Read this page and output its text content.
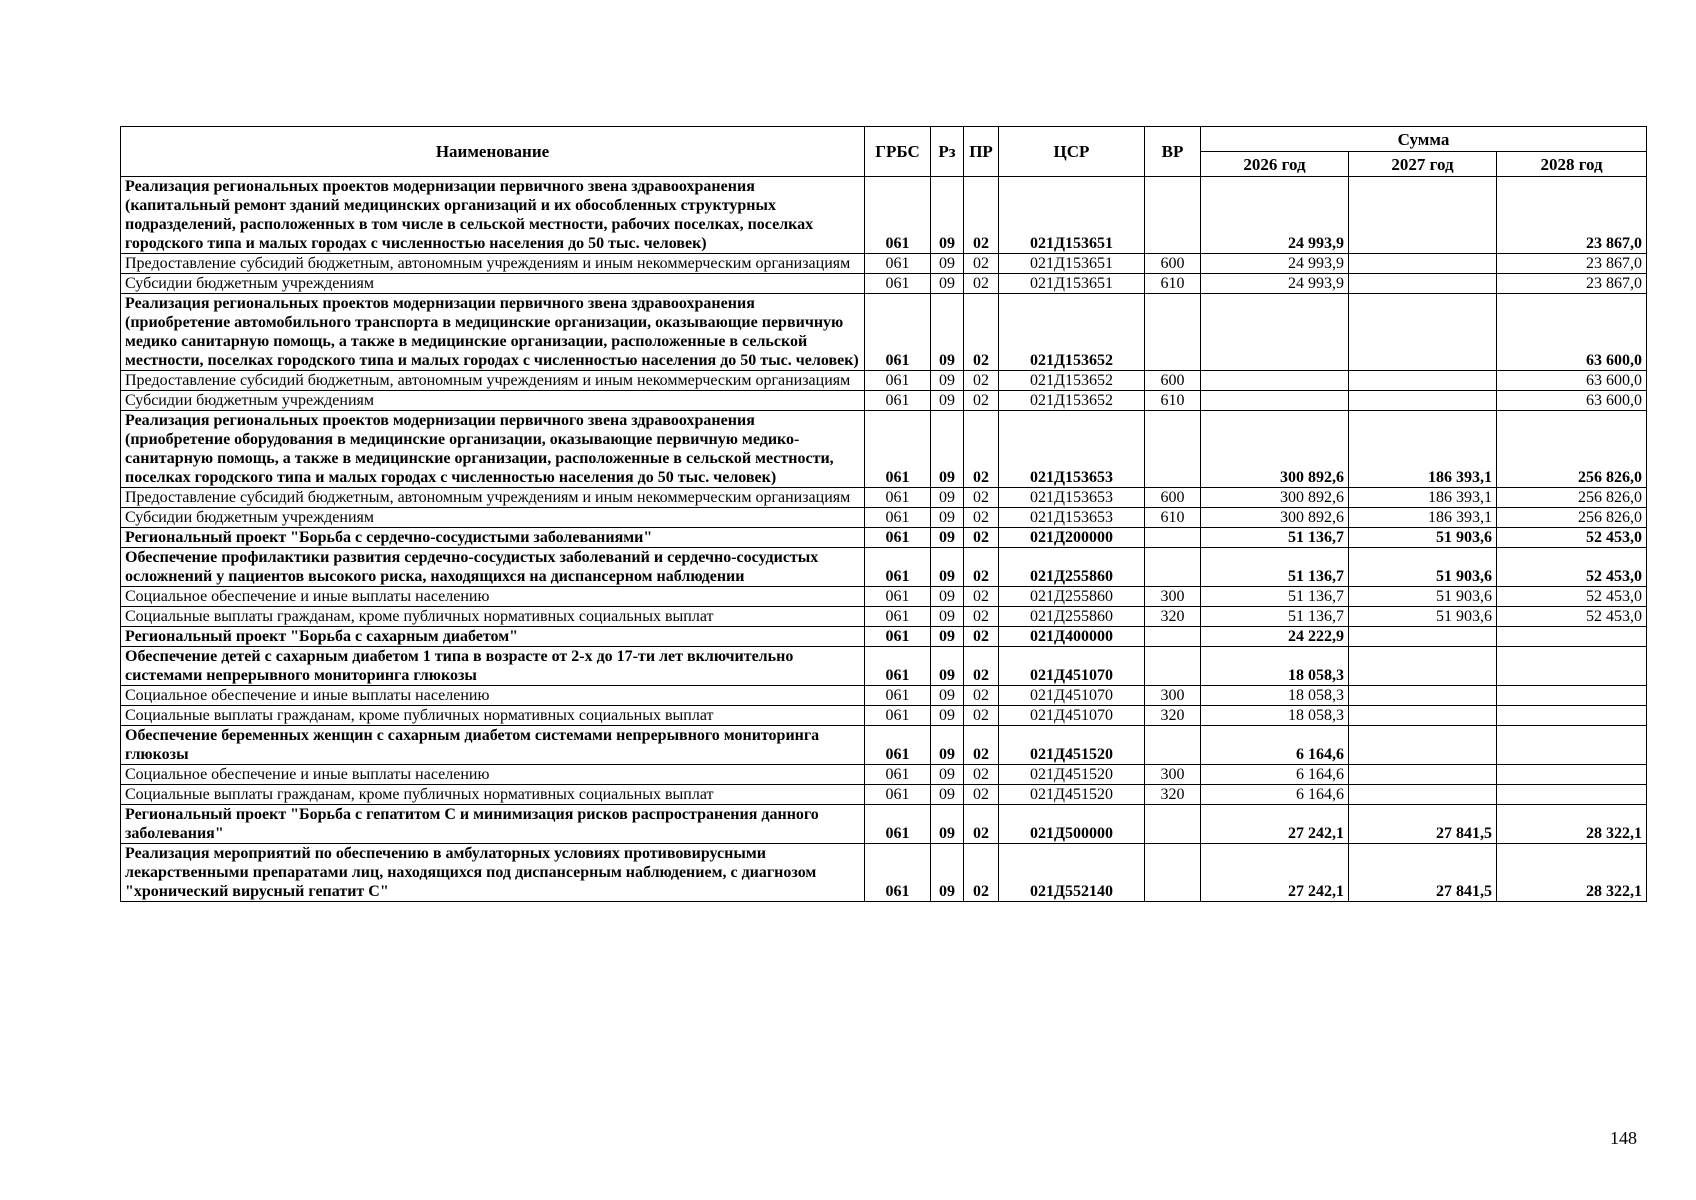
Наименование	ГРБС	Рз	ПР	ЦСР	ВР	Сумма		
						2026 год	2027 год	2028 год
Реализация региональных проектов модернизации первичного звена здравоохранения (капитальный ремонт зданий медицинских организаций и их обособленных структурных подразделений, расположенных в том числе в сельской местности, рабочих поселках, поселках городского типа и малых городах с численностью населения до 50 тыс. человек)	061	09	02	021Д153651		24 993,9		23 867,0
Предоставление субсидий бюджетным, автономным учреждениям и иным некоммерческим организациям	061	09	02	021Д153651	600	24 993,9		23 867,0
Субсидии бюджетным учреждениям	061	09	02	021Д153651	610	24 993,9		23 867,0
Реализация региональных проектов модернизации первичного звена здравоохранения (приобретение автомобильного транспорта в медицинские организации, оказывающие первичную медико санитарную помощь, а также в медицинские организации, расположенные в сельской местности, поселках городского типа и малых городах с численностью населения до 50 тыс. человек)	061	09	02	021Д153652				63 600,0
Предоставление субсидий бюджетным, автономным учреждениям и иным некоммерческим организациям	061	09	02	021Д153652	600			63 600,0
Субсидии бюджетным учреждениям	061	09	02	021Д153652	610			63 600,0
Реализация региональных проектов модернизации первичного звена здравоохранения (приобретение оборудования в медицинские организации, оказывающие первичную медико-санитарную помощь, а также в медицинские организации, расположенные в сельской местности, поселках городского типа и малых городах с численностью населения до 50 тыс. человек)	061	09	02	021Д153653		300 892,6	186 393,1	256 826,0
Предоставление субсидий бюджетным, автономным учреждениям и иным некоммерческим организациям	061	09	02	021Д153653	600	300 892,6	186 393,1	256 826,0
Субсидии бюджетным учреждениям	061	09	02	021Д153653	610	300 892,6	186 393,1	256 826,0
Региональный проект "Борьба с сердечно-сосудистыми заболеваниями"	061	09	02	021Д200000		51 136,7	51 903,6	52 453,0
Обеспечение профилактики развития сердечно-сосудистых заболеваний и сердечно-сосудистых осложнений у пациентов высокого риска, находящихся на диспансерном наблюдении	061	09	02	021Д255860		51 136,7	51 903,6	52 453,0
Социальное обеспечение и иные выплаты населению	061	09	02	021Д255860	300	51 136,7	51 903,6	52 453,0
Социальные выплаты гражданам, кроме публичных нормативных социальных выплат	061	09	02	021Д255860	320	51 136,7	51 903,6	52 453,0
Региональный проект "Борьба с сахарным диабетом"	061	09	02	021Д400000		24 222,9		
Обеспечение детей с сахарным диабетом 1 типа в возрасте от 2-х до 17-ти лет включительно системами непрерывного мониторинга глюкозы	061	09	02	021Д451070		18 058,3		
Социальное обеспечение и иные выплаты населению	061	09	02	021Д451070	300	18 058,3		
Социальные выплаты гражданам, кроме публичных нормативных социальных выплат	061	09	02	021Д451070	320	18 058,3		
Обеспечение беременных женщин с сахарным диабетом системами непрерывного мониторинга глюкозы	061	09	02	021Д451520		6 164,6		
Социальное обеспечение и иные выплаты населению	061	09	02	021Д451520	300	6 164,6		
Социальные выплаты гражданам, кроме публичных нормативных социальных выплат	061	09	02	021Д451520	320	6 164,6		
Региональный проект "Борьба с гепатитом С и минимизация рисков распространения данного заболевания"	061	09	02	021Д500000		27 242,1	27 841,5	28 322,1
Реализация мероприятий по обеспечению в амбулаторных условиях противовирусными лекарственными препаратами лиц, находящихся под диспансерным наблюдением, с диагнозом "хронический вирусный гепатит С"	061	09	02	021Д552140		27 242,1	27 841,5	28 322,1
148
